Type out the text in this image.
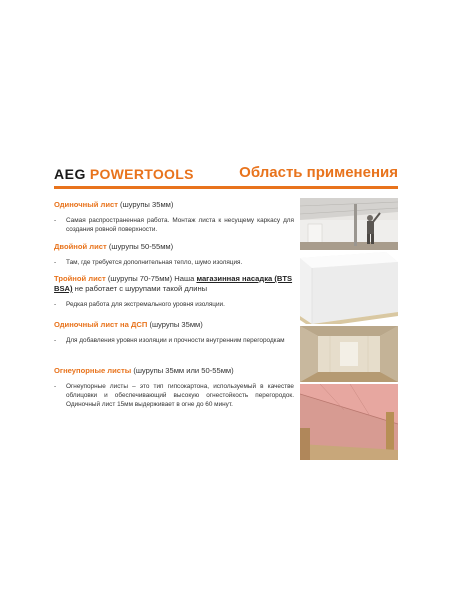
AEG POWERTOOLS	Область применения
Одиночный лист (шурупы 35мм)
- Самая распространенная работа. Монтаж листа к несущему каркасу для создания ровной поверхности.
Двойной лист (шурупы 50-55мм)
- Там, где требуется дополнительная тепло, шумо изоляция.
Тройной лист (шурупы 70-75мм) Наша магазинная насадка (BTS BSA) не работает с шурупами такой длины
- Редкая работа для экстремального уровня изоляции.
Одиночный лист на ДСП (шурупы 35мм)
- Для добавления уровня изоляции и прочности внутренним перегородкам
Огнеупорные листы (шурупы 35мм или 50-55мм)
- Огнеупорные листы – это тип гипсокартона, используемый в качестве облицовки и обеспечивающий высокую огнестойкость перегородок. Одиночный лист 15мм выдерживает в огне до 60 минут.
